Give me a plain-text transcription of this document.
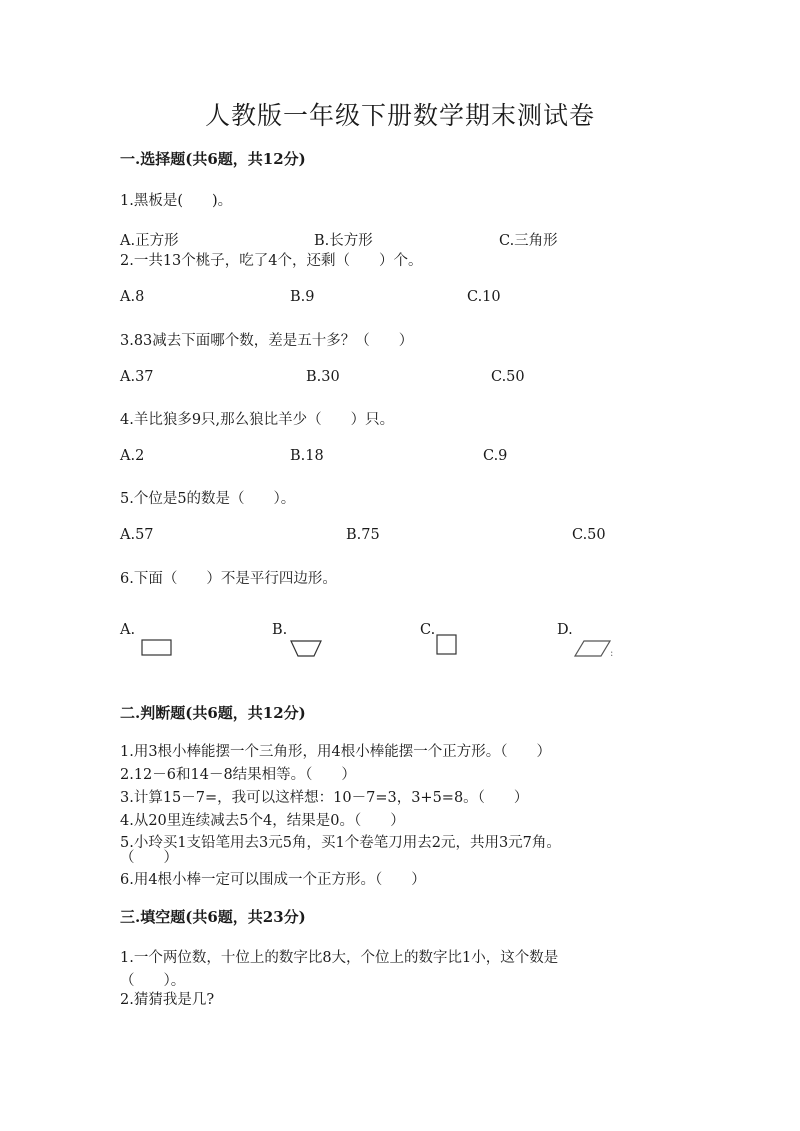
人教版一年级下册数学期末测试卷
一.选择题(共6题，共12分)
1.黑板是(　　)。
A.正方形	B.长方形	C.三角形
2.一共13个桃子，吃了4个，还剩（　　）个。
A.8	B.9	C.10
3.83减去下面哪个数，差是五十多？（　　）
A.37	B.30	C.50
4.羊比狼多9只,那么狼比羊少（　　）只。
A.2	B.18	C.9
5.个位是5的数是（　　）。
A.57	B.75	C.50
6.下面（　　）不是平行四边形。
A.	B.	C.	D.
:
二.判断题(共6题，共12分)
1.用3根小棒能摆一个三角形，用4根小棒能摆一个正方形。（　　）
2.12－6和14－8结果相等。（　　）
3.计算15－7=，我可以这样想：10－7=3，3+5=8。（　　）
4.从20里连续减去5个4，结果是0。（　　）
5.小玲买1支铅笔用去3元5角，买1个卷笔刀用去2元，共用3元7角。
（　　）
6.用4根小棒一定可以围成一个正方形。（　　）
三.填空题(共6题，共23分)
1.一个两位数，十位上的数字比8大，个位上的数字比1小，这个数是
（　　）。
2.猜猜我是几?
